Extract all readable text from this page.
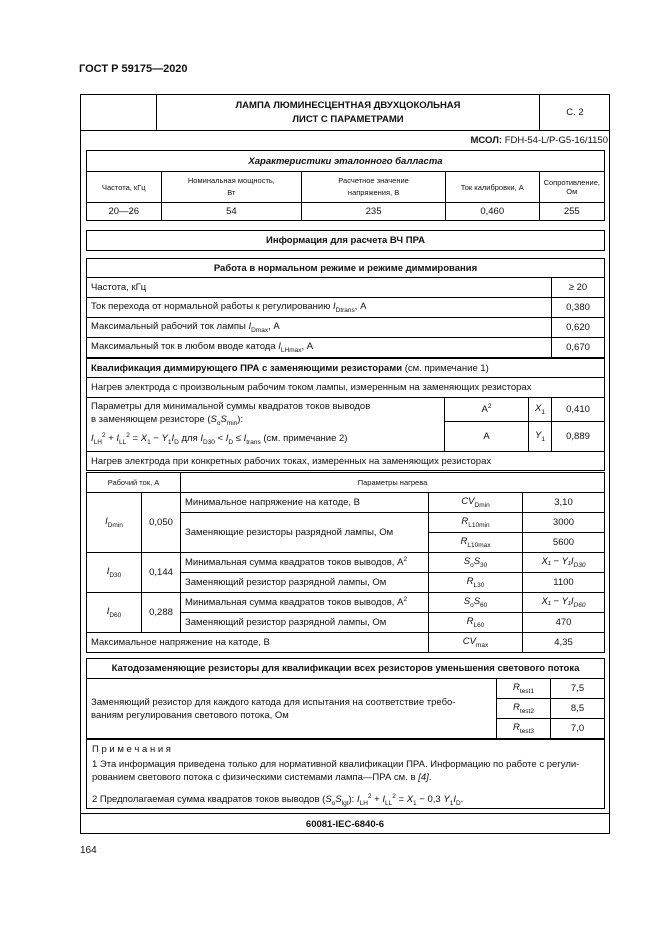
ГОСТ Р 59175—2020
	ЛАМПА ЛЮМИНЕСЦЕНТНАЯ ДВУХЦОКОЛЬНАЯ
ЛИСТ С ПАРАМЕТРАМИ	С. 2
МСОЛ: FDH-54-L/P-G5-16/1150
Характеристики эталонного балласта				
Частота, кГц	Номинальная мощность, Вт	Расчетное значение напряжения, В	Ток калибровки, А	Сопротивление, Ом
20—26	54	235	0,460	255
Информация для расчета ВЧ ПРА
Работа в нормальном режиме и режиме диммирования	
Частота, кГц	≥ 20
Ток перехода от нормальной работы к регулированию $I_{Dtrans}$, А	0,380
Максимальный рабочий ток лампы $I_{Dmax}$, А	0,620
Максимальный ток в любом вводе катода $I_{LHmax}$, А	0,670
Квалификация диммирующего ПРА с заменяющими резисторами (см. примечание 1)			
Нагрев электрода с произвольным рабочим током лампы, измеренным на заменяющих резисторах			
Параметры для минимальной суммы квадратов токов выводов
в заменяющем резисторе $(S_oS_{min})$:
$I_{LH}^2 + I_{LL}^2 = X_1 - Y_1I_D$ для $I_{D30} < I_D \le I_{trans}$ (см. примечание 2)	$A^2$	$X_1$	0,410
	A	$Y_1$	0,889
Нагрев электрода при конкретных рабочих токах, измеренных на заменяющих резисторах			
Рабочий ток, А		Параметры нагрева		
$I_{Dmin}$	0,050	Минимальное напряжение на катоде, В	$CV_{Dmin}$	3,10
		Заменяющие резисторы разрядной лампы, Ом	$R_{L10min}$	3000
			$R_{L10max}$	5600
$I_{D30}$	0,144	Минимальная сумма квадратов токов выводов, $А^2$	$S_oS_{30}$	$X_1 - Y_1I_{D30}$
		Заменяющий резистор разрядной лампы, Ом	$R_{L30}$	1100
$I_{D60}$	0,288	Минимальная сумма квадратов токов выводов, $А^2$	$S_oS_{60}$	$X_1 - Y_1I_{D60}$
		Заменяющий резистор разрядной лампы, Ом	$R_{L60}$	470
Максимальное напряжение на катоде, В			$CV_{max}$	4,35
Катодозаменяющие резисторы для квалификации всех резисторов уменьшения светового потока		
Заменяющий резистор для каждого катода для испытания на соответствие требо-
ваниям регулирования светового потока, Ом	$R_{test1}$	7,5
	$R_{test2}$	8,5
	$R_{test3}$	7,0
П р и м е ч а н и я
1 Эта информация приведена только для нормативной квалификации ПРА. Информацию по работе с регули-
рованием светового потока с физическими системами лампа—ПРА см. в [4].
2 Предполагаемая сумма квадратов токов выводов $(S_oS_{lgt})$: $I_{LH}^2 + I_{LL}^2 = X_1 - 0,3$ $Y_1I_D$.
60081-IEC-6840-6
164
